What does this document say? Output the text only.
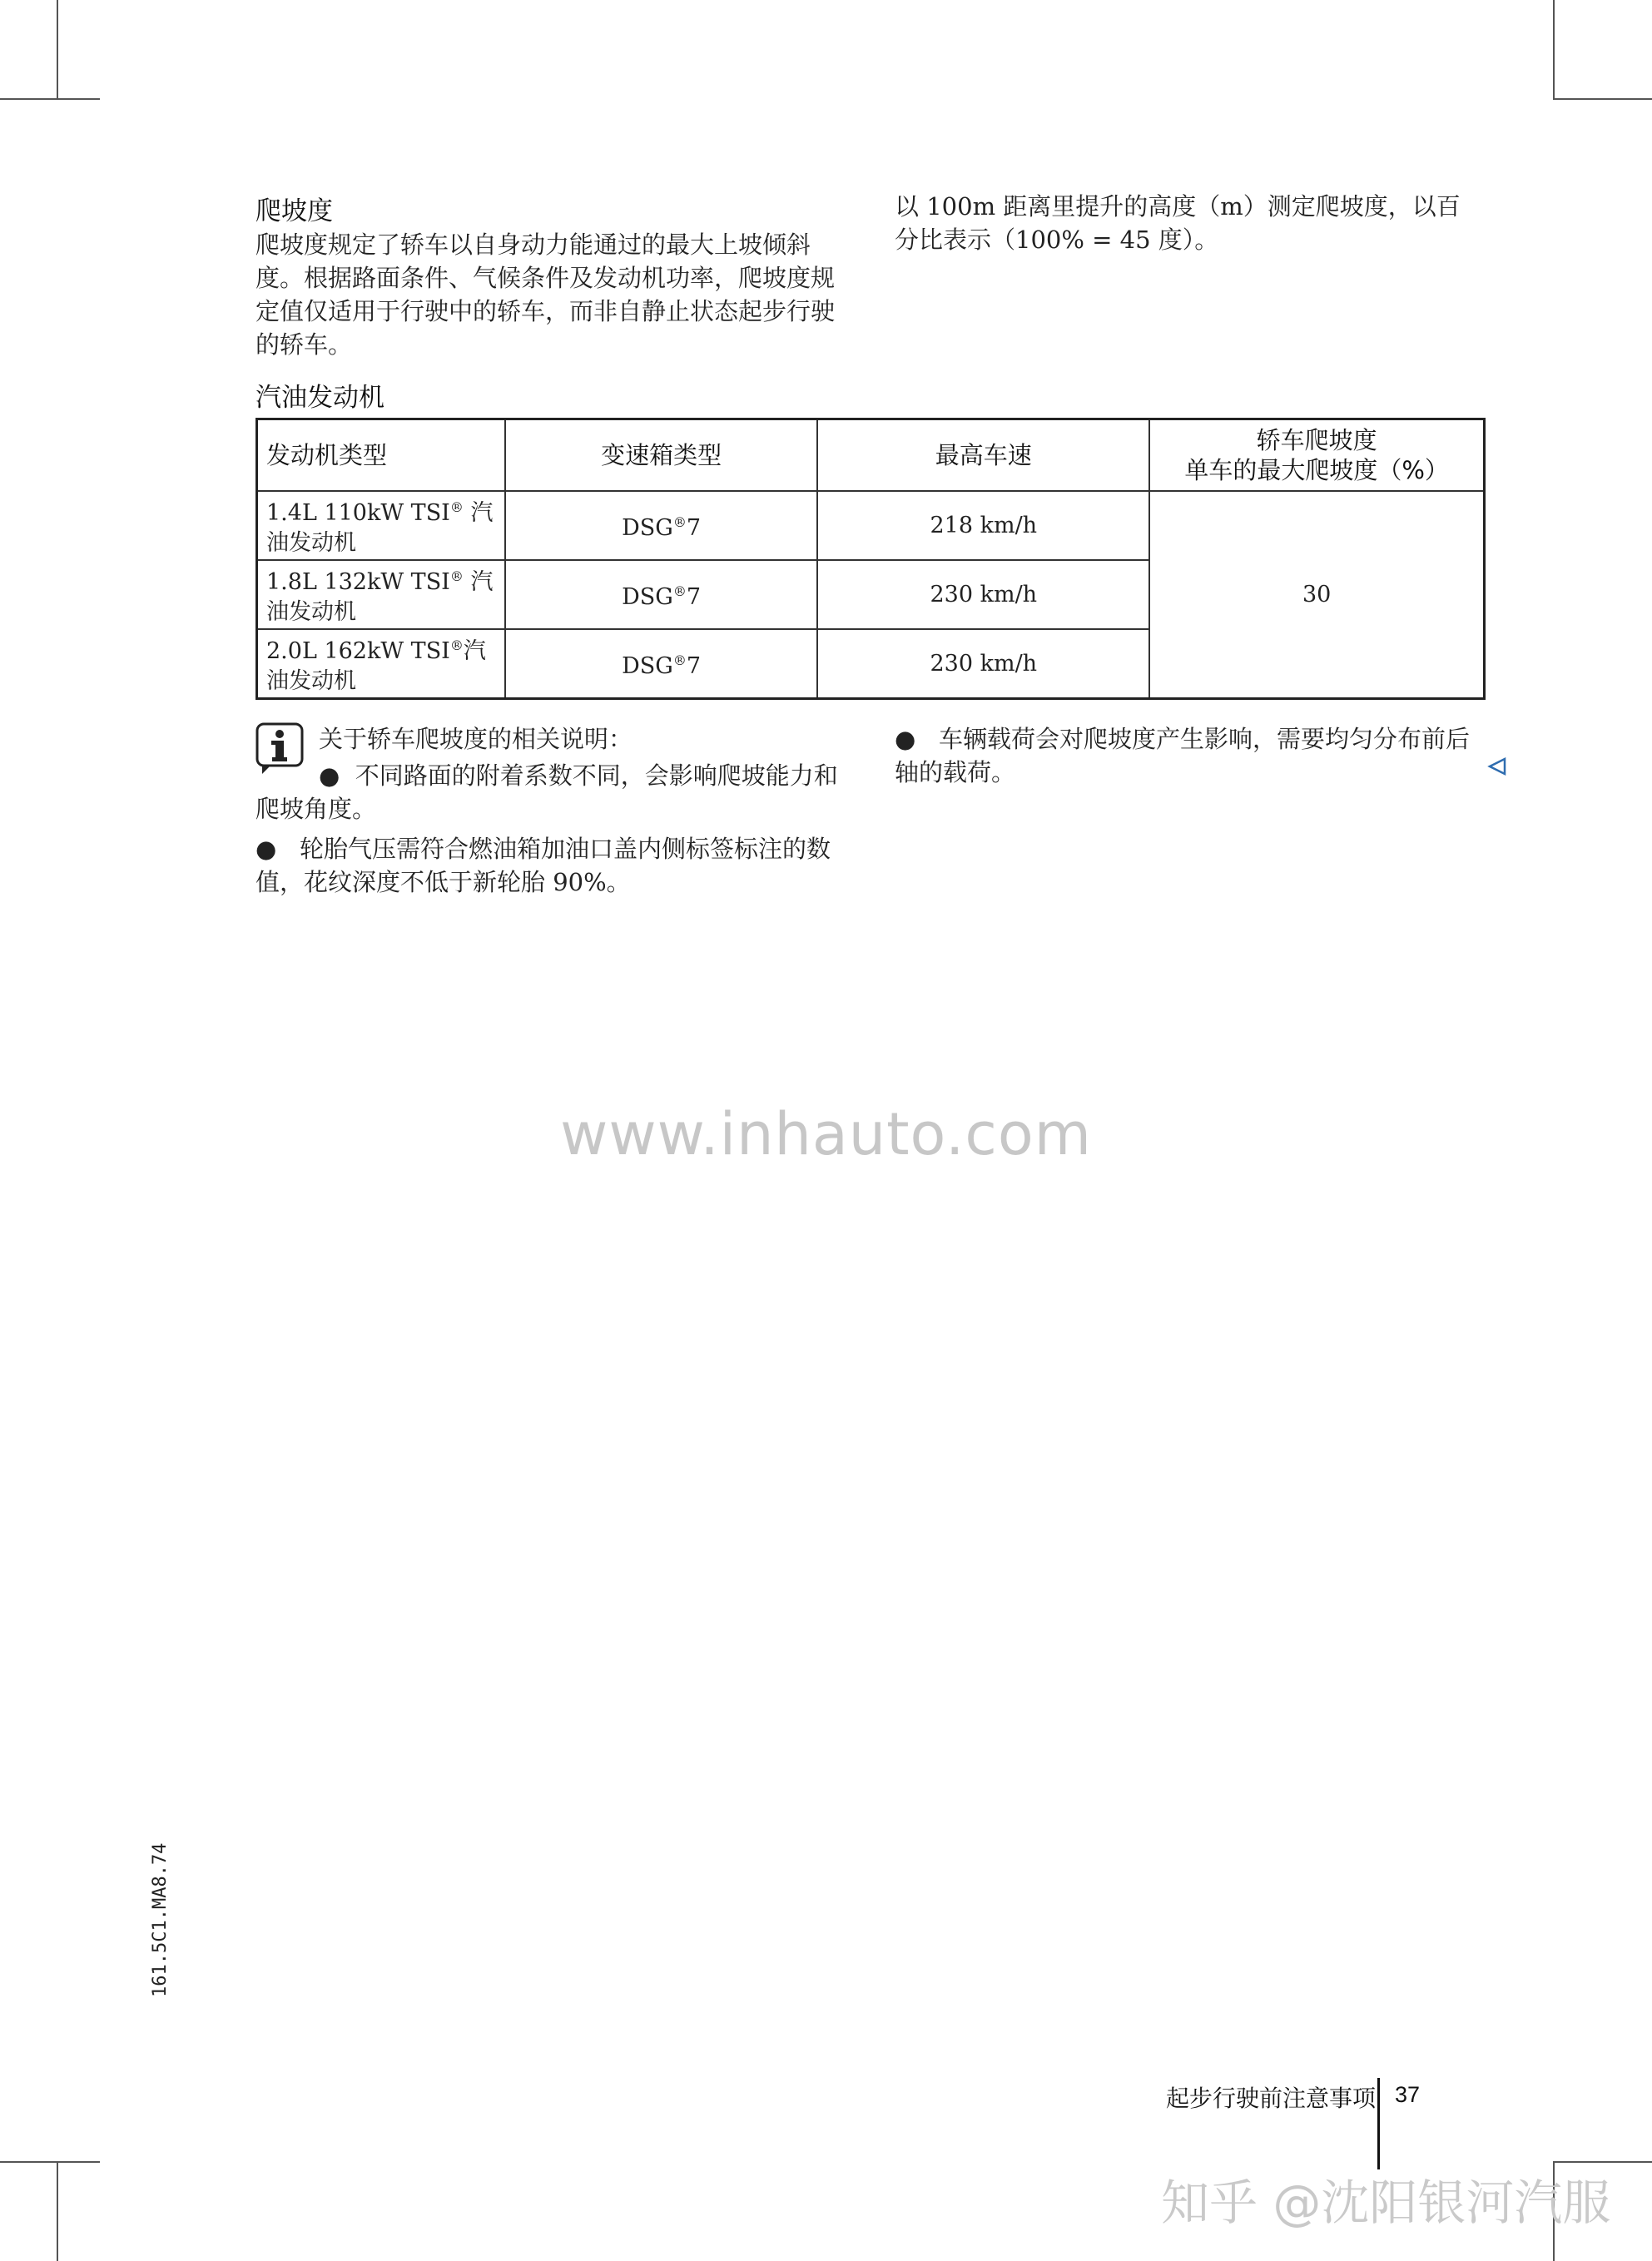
爬坡度

爬坡度规定了轿车以自身动力能通过的最大上坡倾斜度。根据路面条件、气候条件及发动机功率，爬坡度规定值仅适用于行驶中的轿车，而非自静止状态起步行驶的轿车。

以 100m 距离里提升的高度（m）测定爬坡度，以百分比表示（100% = 45 度）。

汽油发动机
发动机类型	变速箱类型	最高车速	轿车爬坡度
单车的最大爬坡度（%）
1.4L 110kW TSI® 汽油发动机	DSG®7	218 km/h	30
1.8L 132kW TSI® 汽油发动机	DSG®7	230 km/h	
2.0L 162kW TSI®汽油发动机	DSG®7	230 km/h	

关于轿车爬坡度的相关说明：

● 不同路面的附着系数不同，会影响爬坡能力和爬坡角度。

● 轮胎气压需符合燃油箱加油口盖内侧标签标注的数值，花纹深度不低于新轮胎 90%。

● 车辆载荷会对爬坡度产生影响，需要均匀分布前后轴的载荷。

www.inhauto.com
161.5C1.MA8.74
起步行驶前注意事项 37
知乎 @沈阳银河汽服
